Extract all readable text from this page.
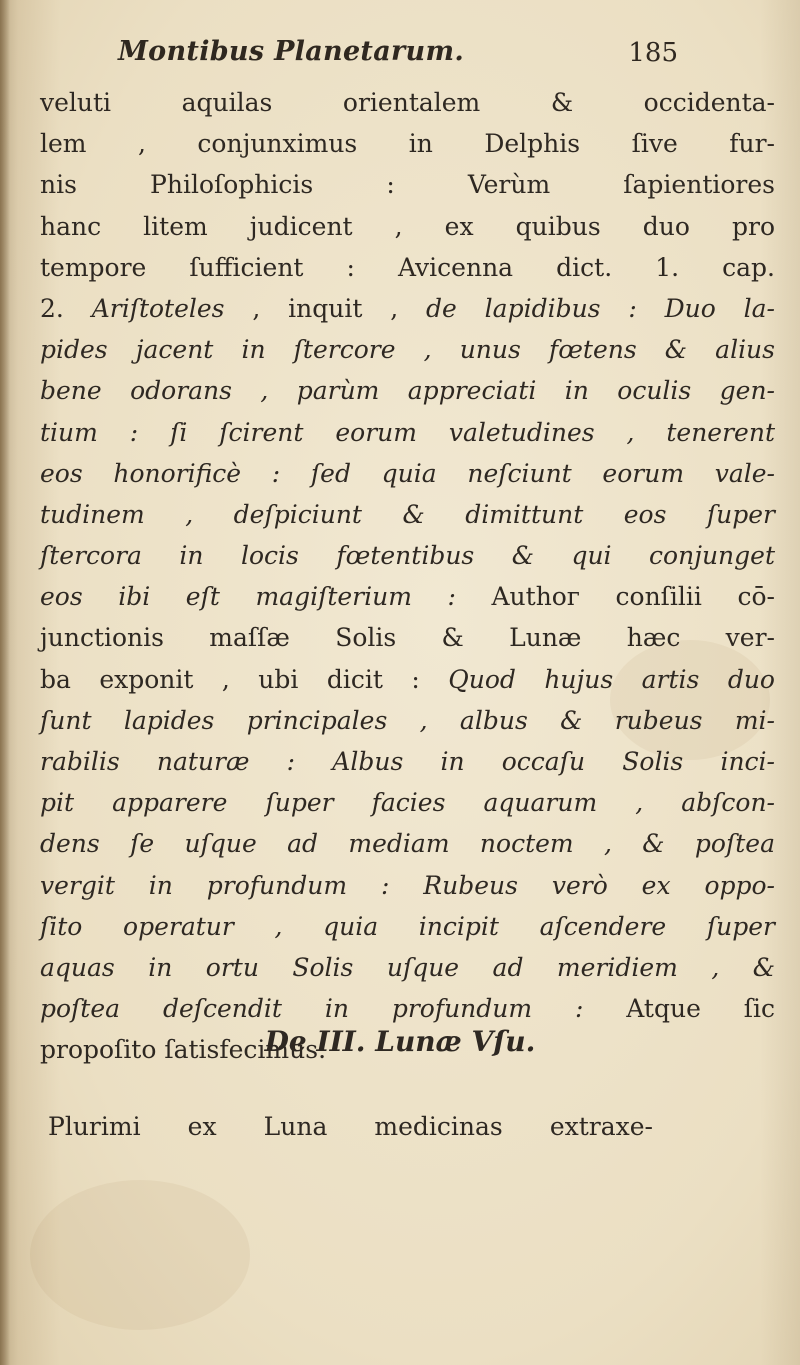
Montibus Planetarum.	185
veluti aquilas orientalem & occidenta-
lem , conjunximus in Delphis ſive fur-
nis Philoſophicis : Verùm ſapientiores
hanc litem judicent , ex quibus duo pro
tempore ſufficient : Avicenna dict. 1. cap.
2. Ariſtoteles , inquit , de lapidibus : Duo la-
pides jacent in ſtercore , unus fœtens & alius
bene odorans , parùm appreciati in oculis gen-
tium : ſi ſcirent eorum valetudines , tenerent
eos honorificè : ſed quia neſciunt eorum vale-
tudinem , deſpiciunt & dimittunt eos ſuper
ſtercora in locis fœtentibus & qui conjunget
eos ibi eſt magiſterium : Authoг conſilii cō-
junctionis maſſæ Solis & Lunæ hæc ver-
ba exponit , ubi dicit : Quod hujus artis duo
ſunt lapides principales , albus & rubeus mi-
rabilis naturæ : Albus in occaſu Solis inci-
pit apparere ſuper facies aquarum , abſcon-
dens ſe uſque ad mediam noctem , & poſtea
vergit in profundum : Rubeus verò ex oppo-
ſito operatur , quia incipit aſcendere ſuper
aquas in ortu Solis uſque ad meridiem , &
poſtea deſcendit in profundum : Atque ſic
propoſito ſatisfecimus.
De III. Lunæ Vſu.
Plurimi ex Luna medicinas extraxe-
